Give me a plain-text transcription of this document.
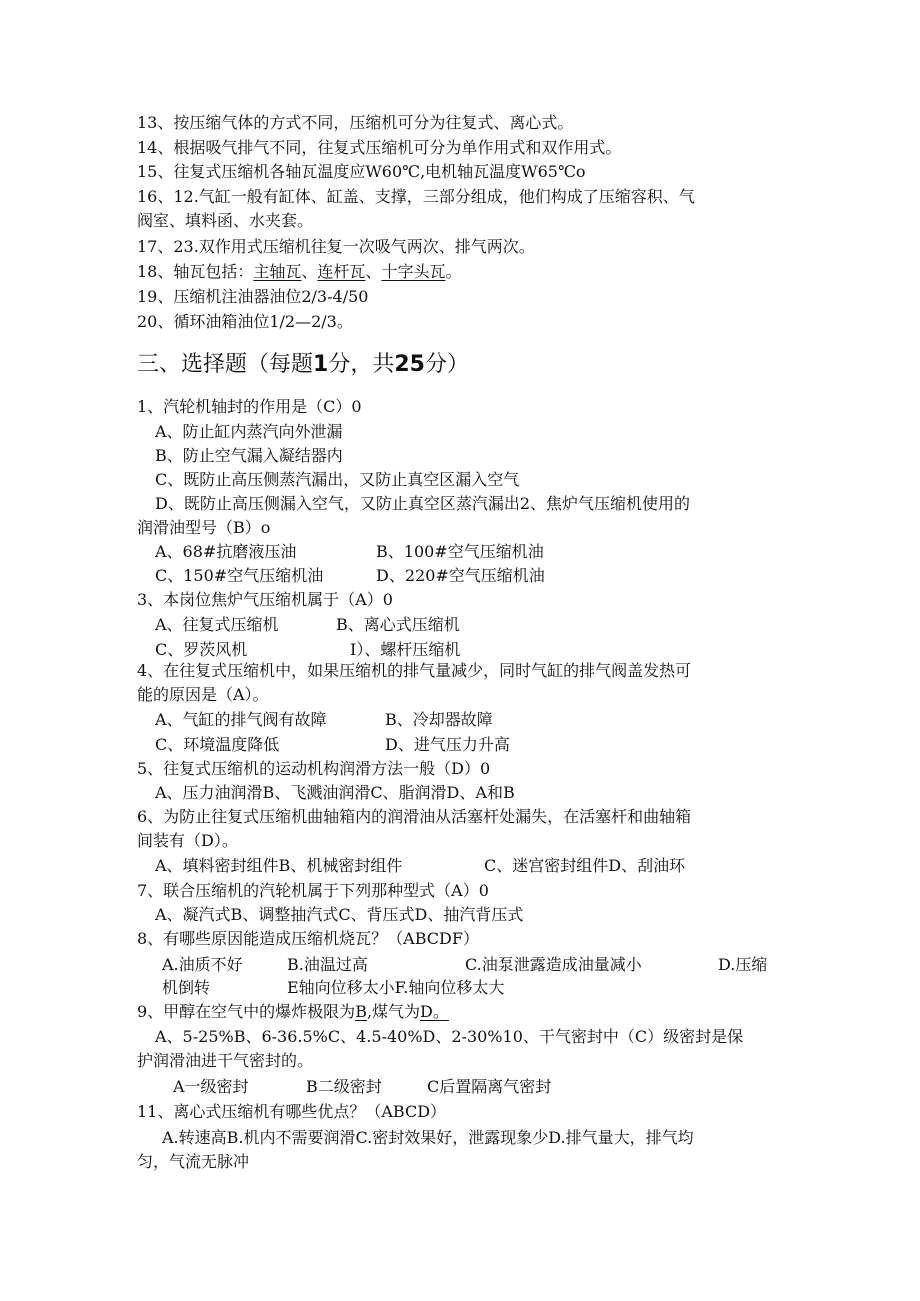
13、按压缩气体的方式不同，压缩机可分为往复式、离心式。
14、根据吸气排气不同，往复式压缩机可分为单作用式和双作用式。
15、往复式压缩机各轴瓦温度应W60℃,电机轴瓦温度W65℃o
16、12.气缸一般有缸体、缸盖、支撑，三部分组成，他们构成了压缩容积、气
阀室、填料函、水夹套。
17、23.双作用式压缩机往复一次吸气两次、排气两次。
18、轴瓦包括：主轴瓦、连杆瓦、十字头瓦。
19、压缩机注油器油位2/3-4/50
20、循环油箱油位1/2—2/3。
三、选择题（每题1分，共25分）
1、汽轮机轴封的作用是（C）0
A、防止缸内蒸汽向外泄漏
B、防止空气漏入凝结器内
C、既防止高压侧蒸汽漏出，又防止真空区漏入空气
D、既防止高压侧漏入空气，又防止真空区蒸汽漏出2、焦炉气压缩机使用的
润滑油型号（B）o
A、68#抗磨液压油	B、100#空气压缩机油
C、150#空气压缩机油	D、220#空气压缩机油
3、本岗位焦炉气压缩机属于（A）0
A、往复式压缩机	B、离心式压缩机
C、罗茨风机	I）、螺杆压缩机
4、在往复式压缩机中，如果压缩机的排气量减少，同时气缸的排气阀盖发热可
能的原因是（A）。
A、气缸的排气阀有故障	B、冷却器故障
C、环境温度降低	D、进气压力升高
5、往复式压缩机的运动机构润滑方法一般（D）0
A、压力油润滑B、飞溅油润滑C、脂润滑D、A和B
6、为防止往复式压缩机曲轴箱内的润滑油从活塞杆处漏失，在活塞杆和曲轴箱
间装有（D）。
A、填料密封组件B、机械密封组件	C、迷宫密封组件D、刮油环
7、联合压缩机的汽轮机属于下列那种型式（A）0
A、凝汽式B、调整抽汽式C、背压式D、抽汽背压式
8、有哪些原因能造成压缩机烧瓦？（ABCDF）
A.油质不好	B.油温过高	C.油泵泄露造成油量减小	D.压缩
机倒转	E轴向位移太小F.轴向位移太大
9、甲醇在空气中的爆炸极限为B,煤气为D。
A、5-25%B、6-36.5%C、4.5-40%D、2-30%10、干气密封中（C）级密封是保
护润滑油进干气密封的。
A一级密封	B二级密封	C后置隔离气密封
11、离心式压缩机有哪些优点？（ABCD）
A.转速高B.机内不需要润滑C.密封效果好，泄露现象少D.排气量大，排气均
匀，气流无脉冲
